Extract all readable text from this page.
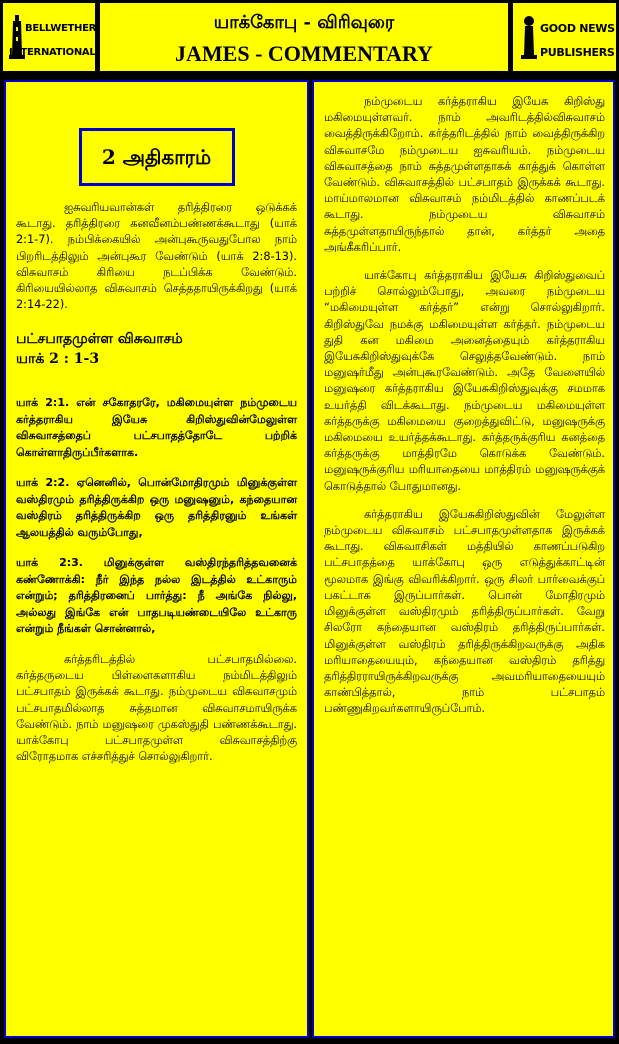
BELLWETHER
INTERNATIONAL
யாக்கோபு - விரிவுரை
JAMES - COMMENTARY
GOOD NEWS
PUBLISHERS
2 அதிகாரம்

ஐசுவரியவான்கள் தரித்திரரை ஒடுக்கக் கூடாது. தரித்திரரை கனவீனம்பண்ணக்கூடாது (யாக் 2:1-7). நம்பிக்கையில் அன்புகூருவதுபோல நாம் பிறரிடத்திலும் அன்புகூர வேண்டும் (யாக் 2:8-13). விசுவாசம் கிரியை நடப்பிக்க வேண்டும். கிரியையில்லாத விசுவாசம் செத்ததாயிருக்கிறது (யாக் 2:14-22).

பட்சபாதமுள்ள விசுவாசம்
யாக் 2 : 1-3

யாக் 2:1. என் சகோதரரே, மகிமையுள்ள நம்முடைய கர்த்தராகிய இயேசு கிறிஸ்துவின்மேலுள்ள விசுவாசத்தைப் பட்சபாதத்தோடே பற்றிக் கொள்ளாதிருப்பீர்களாக.

யாக் 2:2. ஏனெனில், பொன்மோதிரமும் மினுக்குள்ள வஸ்திரமும் தரித்திருக்கிற ஒரு மனுஷனும், கந்தையான வஸ்திரம் தரித்திருக்கிற ஒரு தரித்திரனும் உங்கள் ஆலயத்தில் வரும்போது,

யாக் 2:3. மினுக்குள்ள வஸ்திரந்தரித்தவனைக் கண்ணோக்கி: நீர் இந்த நல்ல இடத்தில் உட்காரும் என்றும்; தரித்திரனைப் பார்த்து: நீ அங்கே நில்லு, அல்லது இங்கே என் பாதபடியண்டையிலே உட்காரு என்றும் நீங்கள் சொன்னால்,

கர்த்தரிடத்தில் பட்சபாதமில்லை. கர்த்தருடைய பிள்ளைகளாகிய நம்மிடத்திலும் பட்சபாதம் இருக்கக் கூடாது. நம்முடைய விசுவாசமும் பட்சபாதமில்லாத சுத்தமான விசுவாசமாயிருக்க வேண்டும். நாம் மனுஷரை முகஸ்துதி பண்ணக்கூடாது. யாக்கோபு பட்சபாதமுள்ள விசுவாசத்திற்கு விரோதமாக எச்சரித்துச் சொல்லுகிறார்.

நம்முடைய கர்த்தராகிய இயேசு கிறிஸ்து மகிமையுள்ளவர். நாம் அவரிடத்தில்விசுவாசம் வைத்திருக்கிறோம். கர்த்தரிடத்தில் நாம் வைத்திருக்கிற விசுவாசமே நம்முடைய ஐசுவரியம். நம்முடைய விசுவாசத்தை நாம் சுத்தமுள்ளதாகக் காத்துக் கொள்ள வேண்டும். விசுவாசத்தில் பட்சபாதம் இருக்கக் கூடாது. மாய்மாலமான விசுவாசம் நம்மிடத்தில் காணப்படக் கூடாது. நம்முடைய விசுவாசம் சுத்தமுள்ளதாயிருந்தால் தான், கர்த்தர் அதை அங்கீகரிப்பார்.

யாக்கோபு கர்த்தராகிய இயேசு கிறிஸ்துவைப் பற்றிச் சொல்லும்போது, அவரை நம்முடைய “மகிமையுள்ள கர்த்தர்” என்று சொல்லுகிறார். கிறிஸ்துவே நமக்கு மகிமையுள்ள கர்த்தர். நம்முடைய துதி கன மகிமை அனைத்தையும் கர்த்தராகிய இயேசுகிறிஸ்துவுக்கே செலுத்தவேண்டும். நாம் மனுஷர்மீது அன்புகூரவேண்டும். அதே வேளையில் மனுஷரை கர்த்தராகிய இயேசுகிறிஸ்துவுக்கு சமமாக உயர்த்தி விடக்கூடாது. நம்முடைய மகிமையுள்ள கர்த்தருக்கு மகிமையை குறைத்துவிட்டு, மனுஷருக்கு மகிமையை உயர்த்தக்கூடாது. கர்த்தருக்குரிய கனத்தை கர்த்தருக்கு மாத்திரமே கொடுக்க வேண்டும். மனுஷருக்குரிய மரியாதையை மாத்திரம் மனுஷருக்குக் கொடுத்தால் போதுமானது.

கர்த்தராகிய இயேசுகிறிஸ்துவின் மேலுள்ள நம்முடைய விசுவாசம் பட்சபாதமுள்ளதாக இருக்கக் கூடாது. விசுவாசிகள் மத்தியில் காணப்படுகிற பட்சபாதத்தை யாக்கோபு ஒரு எடுத்துக்காட்டின் மூலமாக இங்கு விவரிக்கிறார். ஒரு சிலர் பார்வைக்குப் பகட்டாக இருப்பார்கள். பொன் மோதிரமும் மினுக்குள்ள வஸ்திரமும் தரித்திருப்பார்கள். வேறு சிலரோ கந்தையான வஸ்திரம் தரித்திருப்பார்கள். மினுக்குள்ள வஸ்திரம் தரித்திருக்கிறவருக்கு அதிக மரியாதையையும், கந்தையான வஸ்திரம் தரித்து தரித்திரராயிருக்கிறவருக்கு அவமரியாதையையும் காண்பித்தால், நாம் பட்சபாதம் பண்ணுகிறவர்களாயிருப்போம்.
